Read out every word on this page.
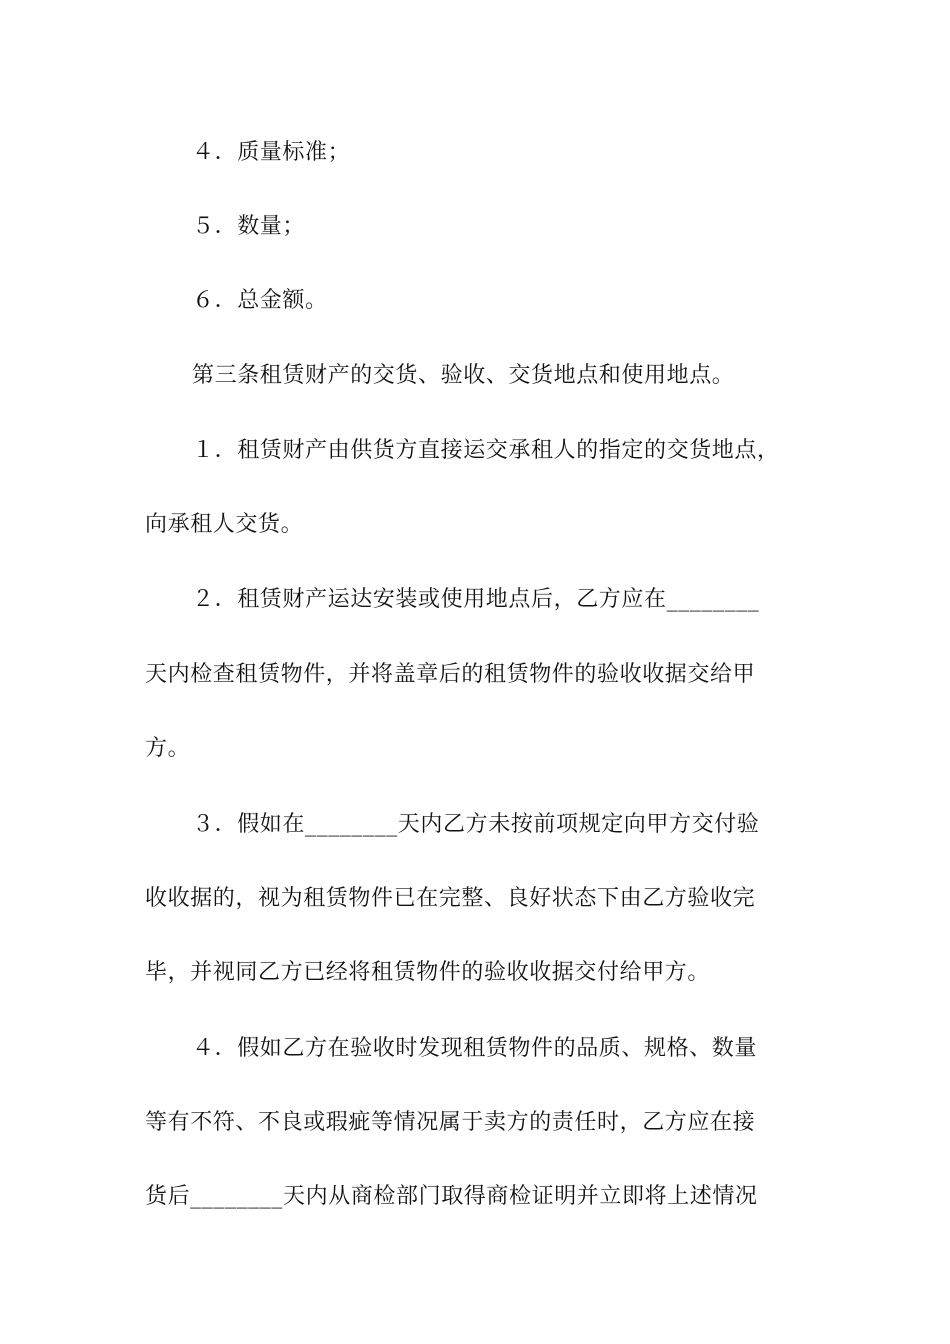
４．质量标准；
５．数量；
６．总金额。
第三条租赁财产的交货、验收、交货地点和使用地点。
１．租赁财产由供货方直接运交承租人的指定的交货地点，
向承租人交货。
２．租赁财产运达安装或使用地点后，乙方应在________
天内检查租赁物件，并将盖章后的租赁物件的验收收据交给甲
方。
３．假如在________天内乙方未按前项规定向甲方交付验
收收据的，视为租赁物件已在完整、良好状态下由乙方验收完
毕，并视同乙方已经将租赁物件的验收收据交付给甲方。
４．假如乙方在验收时发现租赁物件的品质、规格、数量
等有不符、不良或瑕疵等情况属于卖方的责任时，乙方应在接
货后________天内从商检部门取得商检证明并立即将上述情况
